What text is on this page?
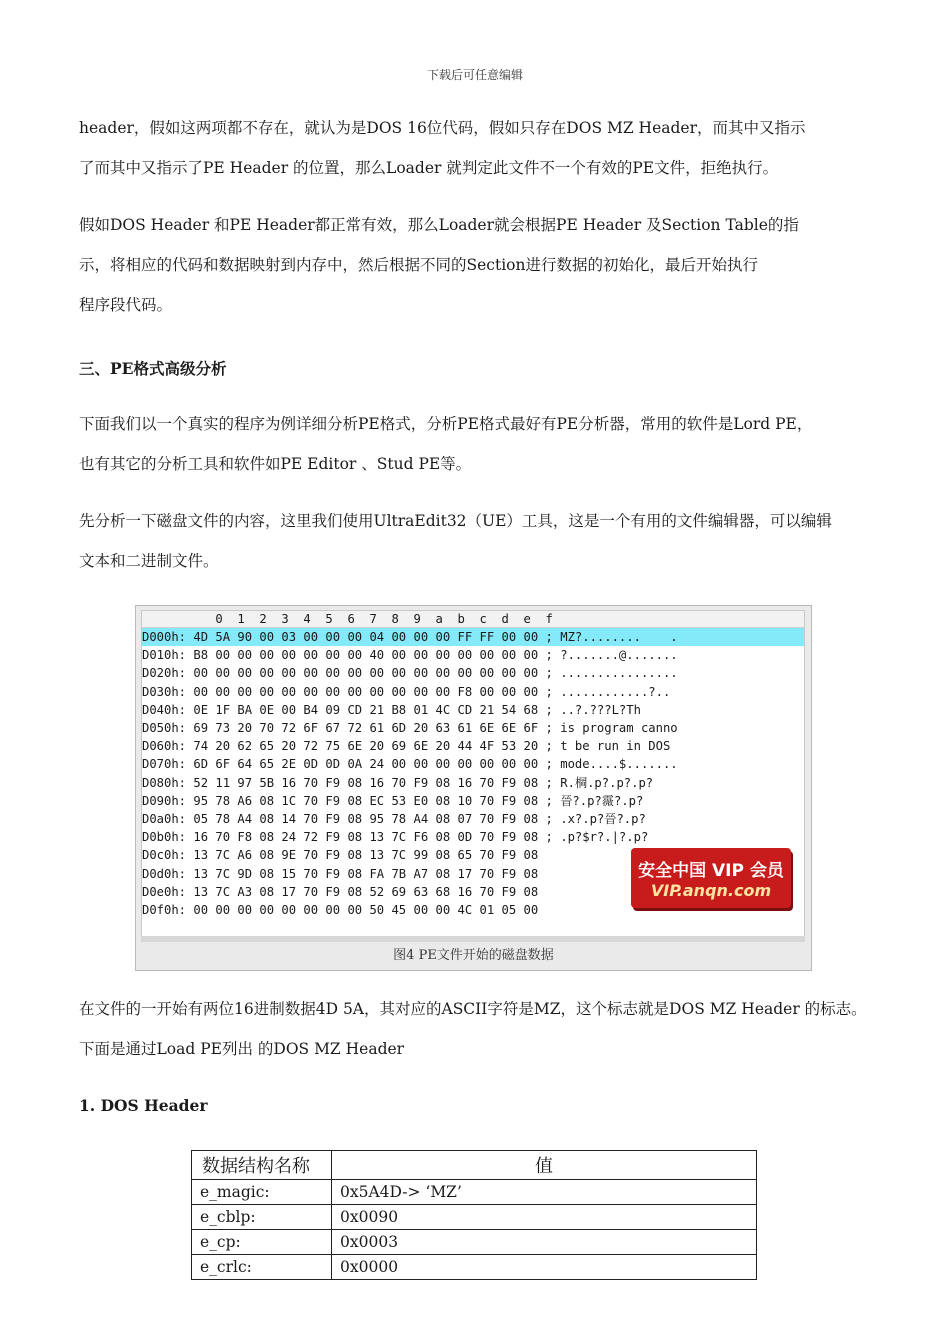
下载后可任意编辑
header，假如这两项都不存在，就认为是DOS 16位代码，假如只存在DOS MZ Header，而其中又指示
了而其中又指示了PE Header 的位置，那么Loader 就判定此文件不一个有效的PE文件，拒绝执行。
假如DOS Header 和PE Header都正常有效，那么Loader就会根据PE Header 及Section Table的指
示，将相应的代码和数据映射到内存中，然后根据不同的Section进行数据的初始化，最后开始执行
程序段代码。
三、PE格式高级分析
下面我们以一个真实的程序为例详细分析PE格式，分析PE格式最好有PE分析器，常用的软件是Lord PE，
也有其它的分析工具和软件如PE Editor 、Stud PE等。
先分析一下磁盘文件的内容，这里我们使用UltraEdit32（UE）工具，这是一个有用的文件编辑器，可以编辑
文本和二进制文件。
0  1  2  3  4  5  6  7  8  9  a  b  c  d  e  f
D000h: 4D 5A 90 00 03 00 00 00 04 00 00 00 FF FF 00 00 ; MZ?........    .
D010h: B8 00 00 00 00 00 00 00 40 00 00 00 00 00 00 00 ; ?.......@.......
D020h: 00 00 00 00 00 00 00 00 00 00 00 00 00 00 00 00 ; ................
D030h: 00 00 00 00 00 00 00 00 00 00 00 00 F8 00 00 00 ; ............?..
D040h: 0E 1F BA 0E 00 B4 09 CD 21 B8 01 4C CD 21 54 68 ; ..?.???L?Th
D050h: 69 73 20 70 72 6F 67 72 61 6D 20 63 61 6E 6E 6F ; is program canno
D060h: 74 20 62 65 20 72 75 6E 20 69 6E 20 44 4F 53 20 ; t be run in DOS
D070h: 6D 6F 64 65 2E 0D 0D 0A 24 00 00 00 00 00 00 00 ; mode....$.......
D080h: 52 11 97 5B 16 70 F9 08 16 70 F9 08 16 70 F9 08 ; R.棡.p?.p?.p?
D090h: 95 78 A6 08 1C 70 F9 08 EC 53 E0 08 10 70 F9 08 ; 晉?.p?霺?.p?
D0a0h: 05 78 A4 08 14 70 F9 08 95 78 A4 08 07 70 F9 08 ; .x?.p?晉?.p?
D0b0h: 16 70 F8 08 24 72 F9 08 13 7C F6 08 0D 70 F9 08 ; .p?$r?.|?.p?
D0c0h: 13 7C A6 08 9E 70 F9 08 13 7C 99 08 65 70 F9 08
D0d0h: 13 7C 9D 08 15 70 F9 08 FA 7B A7 08 17 70 F9 08
D0e0h: 13 7C A3 08 17 70 F9 08 52 69 63 68 16 70 F9 08
D0f0h: 00 00 00 00 00 00 00 00 50 45 00 00 4C 01 05 00
安全中国 VIP 会员
VIP.anqn.com
图4 PE文件开始的磁盘数据
在文件的一开始有两位16进制数据4D 5A，其对应的ASCII字符是MZ，这个标志就是DOS MZ Header 的标志。
下面是通过Load PE列出 的DOS MZ Header
1. DOS Header
数据结构名称	值
e_magic:	0x5A4D-> ‘MZ’
e_cblp:	0x0090
e_cp:	0x0003
e_crlc:	0x0000
